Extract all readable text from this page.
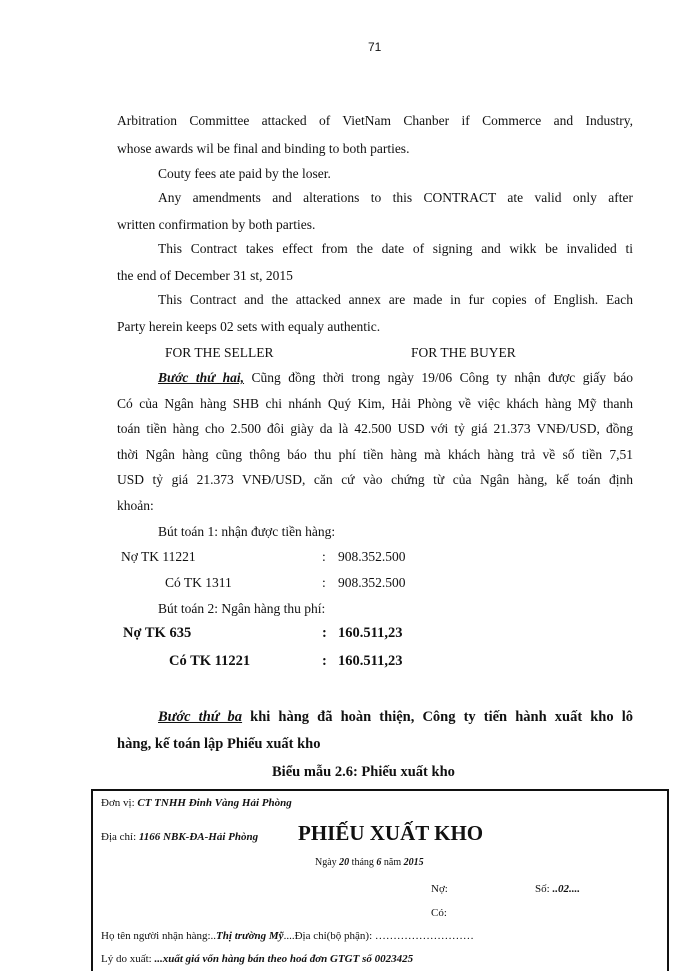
71
Arbitration Committee attacked of VietNam Chanber if Commerce and Industry,
whose awards wil be final and binding to both parties.
Couty fees ate paid by the loser.
Any amendments and alterations to this CONTRACT ate valid only after
written confirmation by both parties.
This Contract takes effect from the date of signing and wikk be invalided ti
the end of December 31 st, 2015
This Contract and the attacked annex are made in fur copies of English. Each
Party herein keeps 02 sets with equaly authentic.
FOR THE SELLER	FOR THE BUYER
Bước thứ hai, Cũng đồng thời trong ngày 19/06 Công ty nhận được giấy báo
Có của Ngân hàng SHB chi nhánh Quý Kim, Hải Phòng về việc khách hàng Mỹ thanh
toán tiền hàng cho 2.500 đôi giày da là 42.500 USD với tỷ giá 21.373 VNĐ/USD, đồng
thời Ngân hàng cũng thông báo thu phí tiền hàng mà khách hàng trả về số tiền 7,51
USD tỷ giá 21.373 VNĐ/USD, căn cứ vào chứng từ của Ngân hàng, kế toán định
khoản:
Bút toán 1: nhận được tiền hàng:
Nợ TK 11221	: 908.352.500
Có TK 1311	: 908.352.500
Bút toán 2: Ngân hàng thu phí:
Nợ TK 635	: 160.511,23
Có TK 11221	: 160.511,23
Bước thứ ba khi hàng đã hoàn thiện, Công ty tiến hành xuất kho lô
hàng, kế toán lập Phiếu xuất kho
Biểu mẫu 2.6: Phiếu xuất kho
Đơn vị: CT TNHH Đinh Vàng Hải Phòng
Địa chỉ: 1166 NBK-ĐA-Hải Phòng PHIẾU XUẤT KHO
Ngày 20 tháng 6 năm 2015
Nợ:	Số: ..02....
Có:
Họ tên người nhận hàng:..Thị trường Mỹ....Địa chỉ(bộ phận): ………………………
Lý do xuất: ...xuất giá vốn hàng bán theo hoá đơn GTGT số 0023425
